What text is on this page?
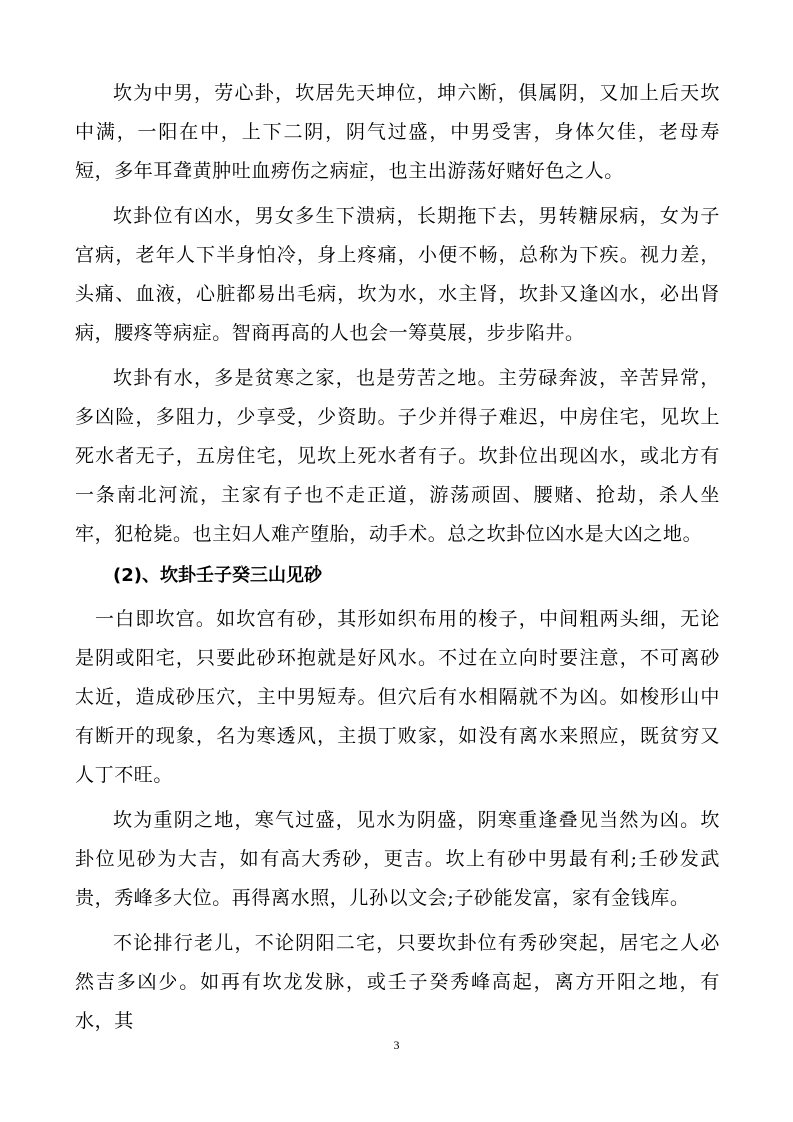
坎为中男，劳心卦，坎居先天坤位，坤六断，俱属阴，又加上后天坎中满，一阳在中，上下二阴，阴气过盛，中男受害，身体欠佳，老母寿短，多年耳聋黄肿吐血痨伤之病症，也主出游荡好赌好色之人。

坎卦位有凶水，男女多生下溃病，长期拖下去，男转糖尿病，女为子宫病，老年人下半身怕冷，身上疼痛，小便不畅，总称为下疾。视力差，头痛、血液，心脏都易出毛病，坎为水，水主肾，坎卦又逢凶水，必出肾病，腰疼等病症。智商再高的人也会一筹莫展，步步陷井。

坎卦有水，多是贫寒之家，也是劳苦之地。主劳碌奔波，辛苦异常，多凶险，多阻力，少享受，少资助。子少并得子难迟，中房住宅，见坎上死水者无子，五房住宅，见坎上死水者有子。坎卦位出现凶水，或北方有一条南北河流，主家有子也不走正道，游荡顽固、腰赌、抢劫，杀人坐牢，犯枪毙。也主妇人难产堕胎，动手术。总之坎卦位凶水是大凶之地。

(2)、坎卦壬子癸三山见砂

一白即坎宫。如坎宫有砂，其形如织布用的梭子，中间粗两头细，无论是阴或阳宅，只要此砂环抱就是好风水。不过在立向时要注意，不可离砂太近，造成砂压穴，主中男短寿。但穴后有水相隔就不为凶。如梭形山中有断开的现象，名为寒透风，主损丁败家，如没有离水来照应，既贫穷又人丁不旺。

坎为重阴之地，寒气过盛，见水为阴盛，阴寒重逢叠见当然为凶。坎卦位见砂为大吉，如有高大秀砂，更吉。坎上有砂中男最有利;壬砂发武贵，秀峰多大位。再得离水照，儿孙以文会;子砂能发富，家有金钱库。

不论排行老儿，不论阴阳二宅，只要坎卦位有秀砂突起，居宅之人必然吉多凶少。如再有坎龙发脉，或壬子癸秀峰高起，离方开阳之地，有水，其

3
